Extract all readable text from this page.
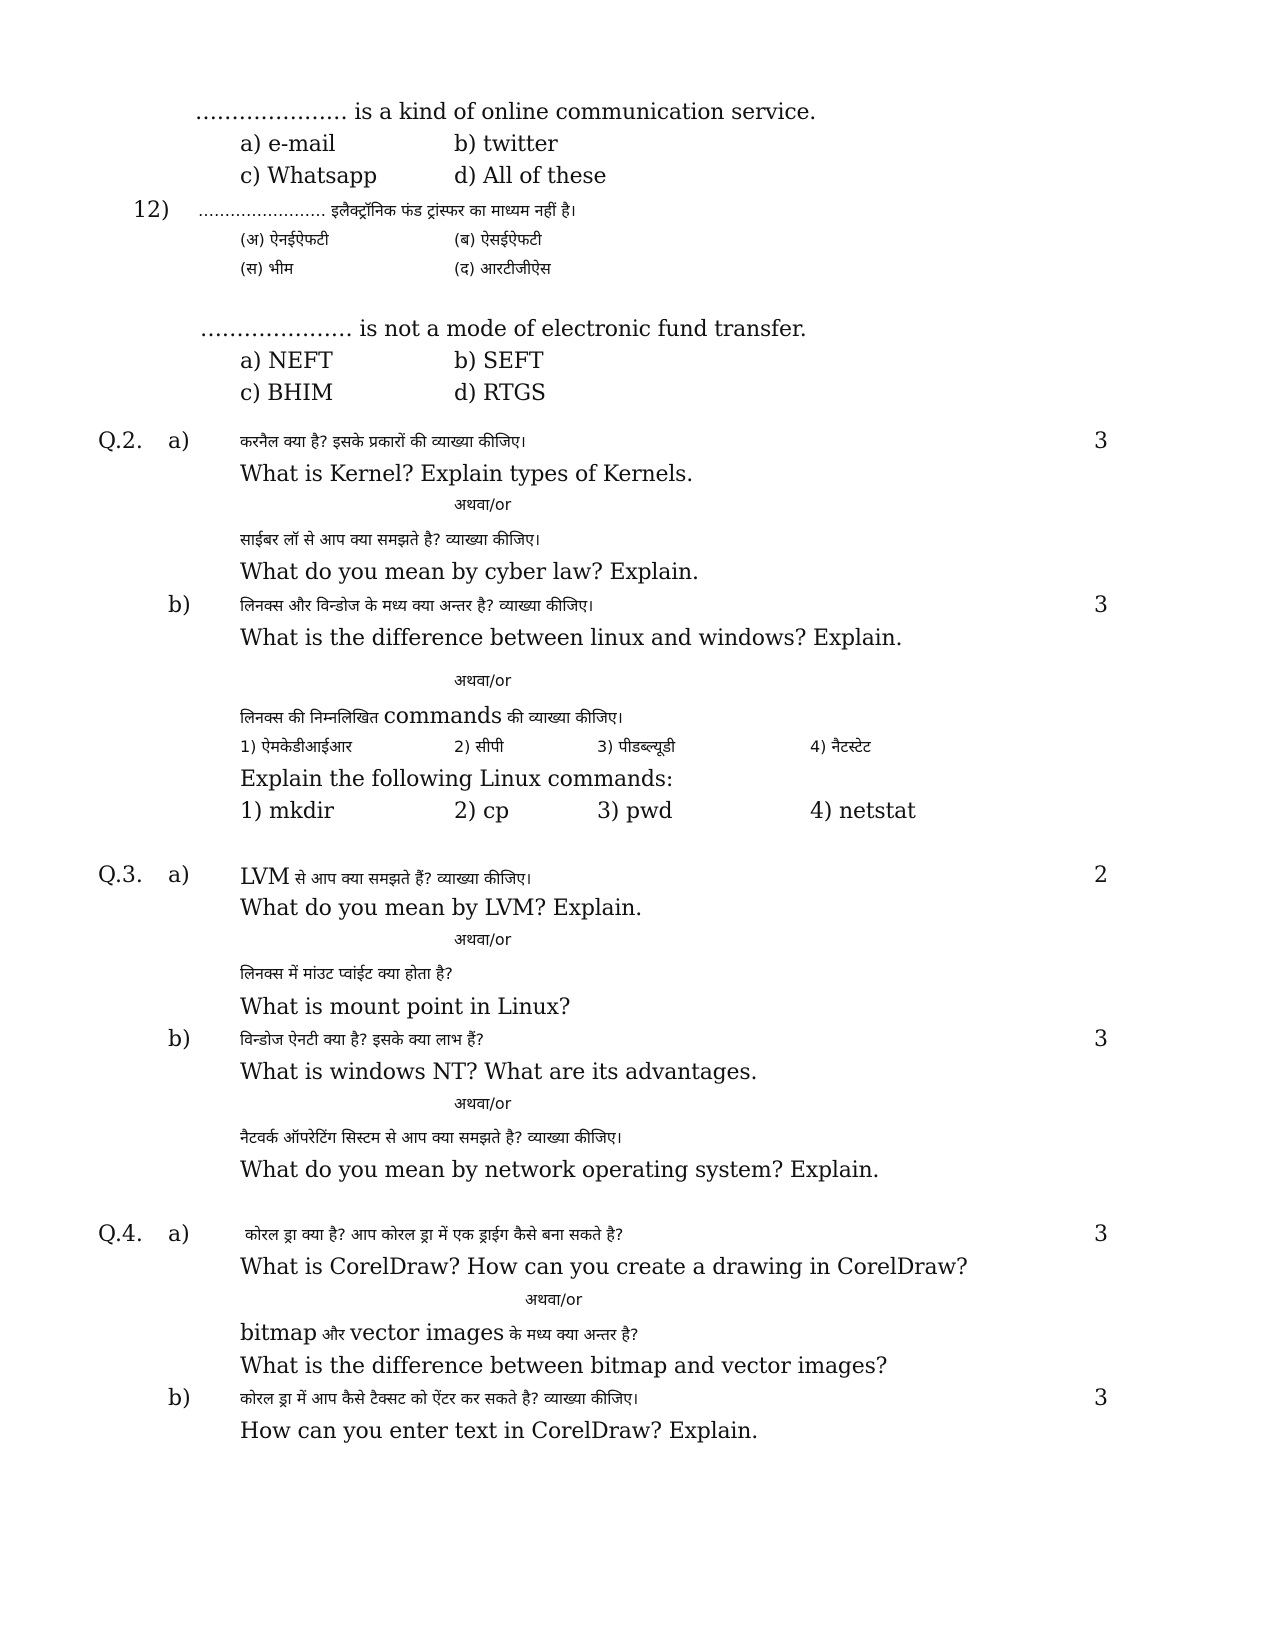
………………… is a kind of online communication service.
a) e-mail	b) twitter
c) Whatsapp	d) All of these
12) …………………… इलैक्ट्रॉनिक फंड ट्रांस्फर का माध्यम नहीं है।
(अ) ऐनईऐफटी	(ब) ऐसईऐफटी
(स) भीम	(द) आरटीजीऐस
………………… is not a mode of electronic fund transfer.
a) NEFT	b) SEFT
c) BHIM	d) RTGS
Q.2. a)	करनैल क्या है? इसके प्रकारों की व्याख्या कीजिए।	3
What is Kernel? Explain types of Kernels.
अथवा/or
साईबर लॉ से आप क्या समझते है? व्याख्या कीजिए।
What do you mean by cyber law? Explain.
b)	लिनक्स और विन्डोज के मध्य क्या अन्तर है? व्याख्या कीजिए।	3
What is the difference between linux and windows? Explain.
अथवा/or
लिनक्स की निम्नलिखित commands की व्याख्या कीजिए।
1) ऐमकेडीआईआर	2) सीपी	3) पीडब्ल्यूडी	4) नैटस्टेट
Explain the following Linux commands:
1) mkdir	2) cp	3) pwd	4) netstat
Q.3. a) LVM से आप क्या समझते हैं? व्याख्या कीजिए।	2
What do you mean by LVM? Explain.
अथवा/or
लिनक्स में मांउट प्वांईट क्या होता है?
What is mount point in Linux?
b)	विन्डोज ऐनटी क्या है? इसके क्या लाभ हैं?	3
What is windows NT? What are its advantages.
अथवा/or
नैटवर्क ऑपरेटिंग सिस्टम से आप क्या समझते है? व्याख्या कीजिए।
What do you mean by network operating system? Explain.
Q.4. a)	कोरल ड्रा क्या है? आप कोरल ड्रा में एक ड्राईग कैसे बना सकते है?	3
What is CorelDraw? How can you create a drawing in CorelDraw?
अथवा/or
bitmap और vector images के मध्य क्या अन्तर है?
What is the difference between bitmap and vector images?
b)	कोरल ड्रा में आप कैसे टैक्सट को ऐंटर कर सकते है? व्याख्या कीजिए।	3
How can you enter text in CorelDraw? Explain.
